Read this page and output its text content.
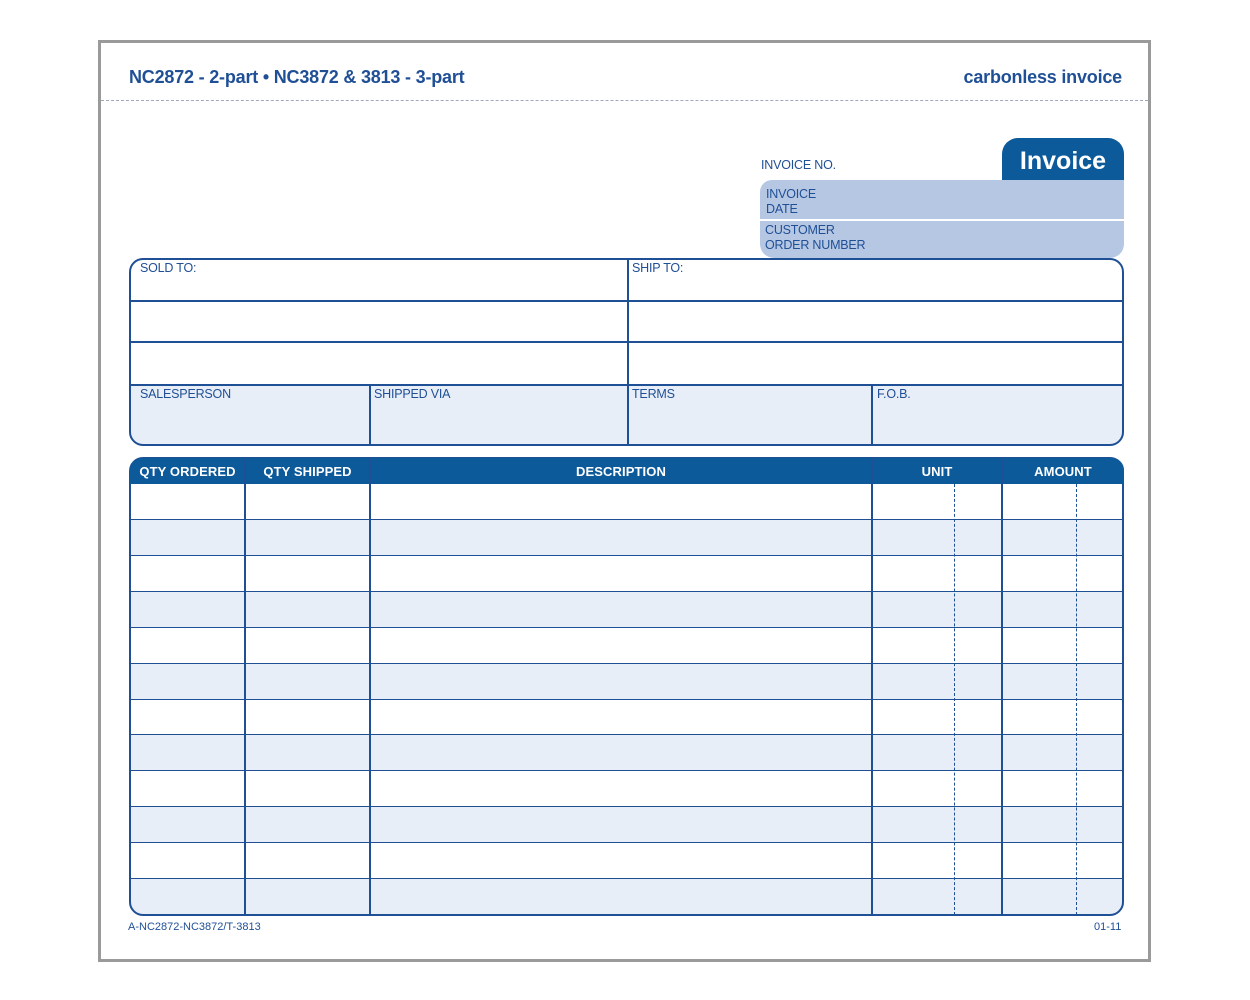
NC2872 - 2-part • NC3872 & 3813 - 3-part	carbonless invoice
INVOICE NO.	Invoice
INVOICE
DATE
CUSTOMER
ORDER NUMBER
SOLD TO:	SHIP TO:
SALESPERSON	SHIPPED VIA	TERMS	F.O.B.
QTY ORDERED	QTY SHIPPED	DESCRIPTION	UNIT	AMOUNT
A-NC2872-NC3872/T-3813	01-11
